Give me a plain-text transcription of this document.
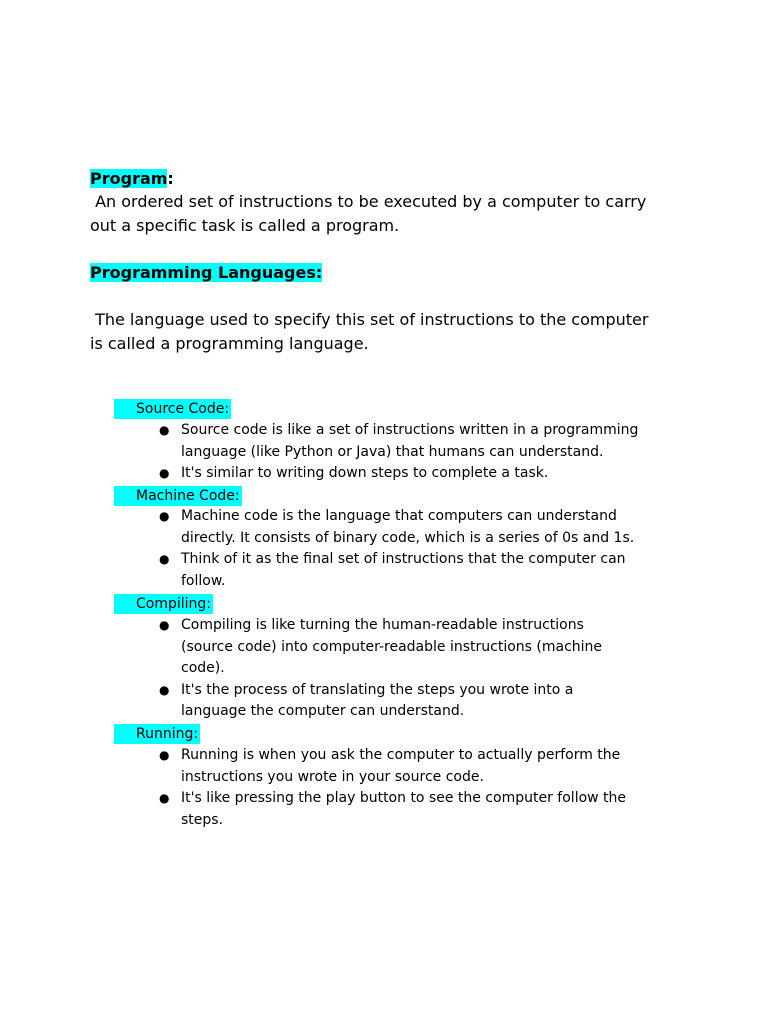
Program:
An ordered set of instructions to be executed by a computer to carry
out a specific task is called a program.
Programming Languages:
The language used to specify this set of instructions to the computer
is called a programming language.
Source Code:
● Source code is like a set of instructions written in a programming
language (like Python or Java) that humans can understand.
● It's similar to writing down steps to complete a task.
Machine Code:
● Machine code is the language that computers can understand
directly. It consists of binary code, which is a series of 0s and 1s.
● Think of it as the final set of instructions that the computer can
follow.
Compiling:
● Compiling is like turning the human-readable instructions
(source code) into computer-readable instructions (machine
code).
● It's the process of translating the steps you wrote into a
language the computer can understand.
Running:
● Running is when you ask the computer to actually perform the
instructions you wrote in your source code.
● It's like pressing the play button to see the computer follow the
steps.
